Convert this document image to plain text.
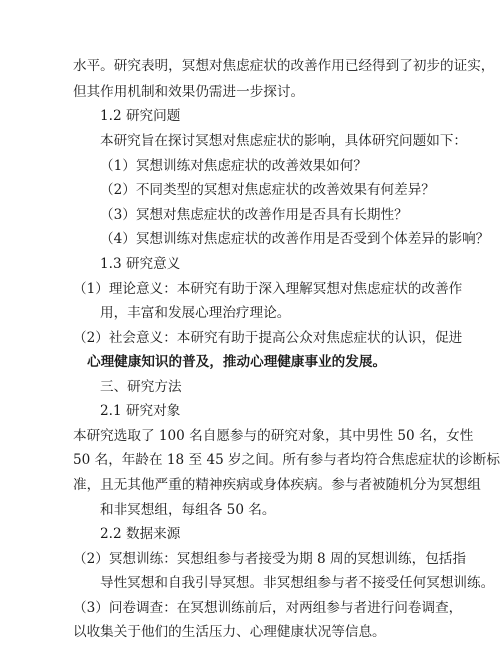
水平。研究表明，冥想对焦虑症状的改善作用已经得到了初步的证实，
但其作用机制和效果仍需进一步探讨。
1.2 研究问题
本研究旨在探讨冥想对焦虑症状的影响，具体研究问题如下：
（1）冥想训练对焦虑症状的改善效果如何？
（2）不同类型的冥想对焦虑症状的改善效果有何差异？
（3）冥想对焦虑症状的改善作用是否具有长期性？
（4）冥想训练对焦虑症状的改善作用是否受到个体差异的影响？
1.3 研究意义
（1）理论意义：本研究有助于深入理解冥想对焦虑症状的改善作
用，丰富和发展心理治疗理论。
（2）社会意义：本研究有助于提高公众对焦虑症状的认识，促进
心理健康知识的普及，推动心理健康事业的发展。
三、研究方法
2.1 研究对象
本研究选取了 100 名自愿参与的研究对象，其中男性 50 名，女性
50 名，年龄在 18 至 45 岁之间。所有参与者均符合焦虑症状的诊断标
准，且无其他严重的精神疾病或身体疾病。参与者被随机分为冥想组
和非冥想组，每组各 50 名。
2.2 数据来源
（2）冥想训练：冥想组参与者接受为期 8 周的冥想训练，包括指
导性冥想和自我引导冥想。非冥想组参与者不接受任何冥想训练。
（3）问卷调查：在冥想训练前后，对两组参与者进行问卷调查，
以收集关于他们的生活压力、心理健康状况等信息。
